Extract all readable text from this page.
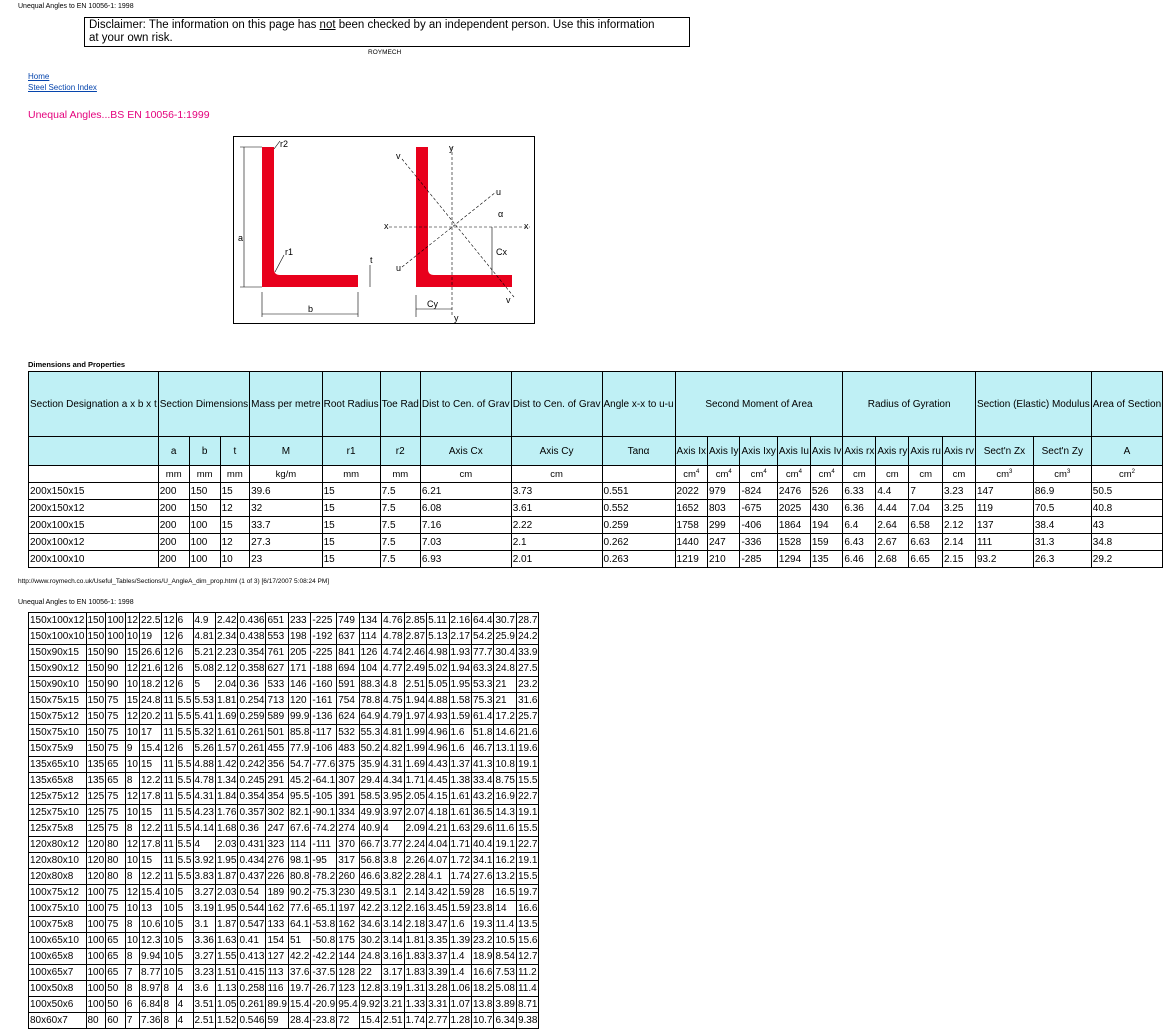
Unequal Angles to EN 10056-1: 1998
Disclaimer: The information on this page has not been checked by an independent person. Use this information
at your own risk.
ROYMECH
Home
Steel Section Index
Unequal Angles...BS EN 10056-1:1999
r2
a
r1
t
b
y
v
u
α
x	x
Cx
u
v
Cy
y
Dimensions and Properties
Section Designation a x b x t	Section Dimensions			Mass per metre	Root Radius	Toe Rad	Dist to Cen. of Grav	Dist to Cen. of Grav	Angle x-x to u-u	Second Moment of Area					Radius of Gyration				Section (Elastic) Modulus		Area of Section

	a	b	t	M	r1	r2	Axis Cx	Axis Cy	Tanα	Axis Ix	Axis Iy	Axis Ixy	Axis Iu	Axis Iv	Axis rx	Axis ry	Axis ru	Axis rv	Sect'n Zx	Sect'n Zy	A
	mm	mm	mm	kg/m	mm	mm	cm	cm		$cm^4$	$cm^4$	$cm^4$	$cm^4$	$cm^4$	cm	cm	cm	cm	$cm^3$	$cm^3$	$cm^2$
200x150x15	200	150	15	39.6	15	7.5	6.21	3.73	0.551	2022	979	-824	2476	526	6.33	4.4	7	3.23	147	86.9	50.5
200x150x12	200	150	12	32	15	7.5	6.08	3.61	0.552	1652	803	-675	2025	430	6.36	4.44	7.04	3.25	119	70.5	40.8
200x100x15	200	100	15	33.7	15	7.5	7.16	2.22	0.259	1758	299	-406	1864	194	6.4	2.64	6.58	2.12	137	38.4	43
200x100x12	200	100	12	27.3	15	7.5	7.03	2.1	0.262	1440	247	-336	1528	159	6.43	2.67	6.63	2.14	111	31.3	34.8
200x100x10	200	100	10	23	15	7.5	6.93	2.01	0.263	1219	210	-285	1294	135	6.46	2.68	6.65	2.15	93.2	26.3	29.2
http://www.roymech.co.uk/Useful_Tables/Sections/U_AngleA_dim_prop.html (1 of 3) [6/17/2007 5:08:24 PM]
Unequal Angles to EN 10056-1: 1998
150x100x12	150	100	12	22.5	12	6	4.9	2.42	0.436	651	233	-225	749	134	4.76	2.85	5.11	2.16	64.4	30.7	28.7
150x100x10	150	100	10	19	12	6	4.81	2.34	0.438	553	198	-192	637	114	4.78	2.87	5.13	2.17	54.2	25.9	24.2
150x90x15	150	90	15	26.6	12	6	5.21	2.23	0.354	761	205	-225	841	126	4.74	2.46	4.98	1.93	77.7	30.4	33.9
150x90x12	150	90	12	21.6	12	6	5.08	2.12	0.358	627	171	-188	694	104	4.77	2.49	5.02	1.94	63.3	24.8	27.5
150x90x10	150	90	10	18.2	12	6	5	2.04	0.36	533	146	-160	591	88.3	4.8	2.51	5.05	1.95	53.3	21	23.2
150x75x15	150	75	15	24.8	11	5.5	5.53	1.81	0.254	713	120	-161	754	78.8	4.75	1.94	4.88	1.58	75.3	21	31.6
150x75x12	150	75	12	20.2	11	5.5	5.41	1.69	0.259	589	99.9	-136	624	64.9	4.79	1.97	4.93	1.59	61.4	17.2	25.7
150x75x10	150	75	10	17	11	5.5	5.32	1.61	0.261	501	85.8	-117	532	55.3	4.81	1.99	4.96	1.6	51.8	14.6	21.6
150x75x9	150	75	9	15.4	12	6	5.26	1.57	0.261	455	77.9	-106	483	50.2	4.82	1.99	4.96	1.6	46.7	13.1	19.6
135x65x10	135	65	10	15	11	5.5	4.88	1.42	0.242	356	54.7	-77.6	375	35.9	4.31	1.69	4.43	1.37	41.3	10.8	19.1
135x65x8	135	65	8	12.2	11	5.5	4.78	1.34	0.245	291	45.2	-64.1	307	29.4	4.34	1.71	4.45	1.38	33.4	8.75	15.5
125x75x12	125	75	12	17.8	11	5.5	4.31	1.84	0.354	354	95.5	-105	391	58.5	3.95	2.05	4.15	1.61	43.2	16.9	22.7
125x75x10	125	75	10	15	11	5.5	4.23	1.76	0.357	302	82.1	-90.1	334	49.9	3.97	2.07	4.18	1.61	36.5	14.3	19.1
125x75x8	125	75	8	12.2	11	5.5	4.14	1.68	0.36	247	67.6	-74.2	274	40.9	4	2.09	4.21	1.63	29.6	11.6	15.5
120x80x12	120	80	12	17.8	11	5.5	4	2.03	0.431	323	114	-111	370	66.7	3.77	2.24	4.04	1.71	40.4	19.1	22.7
120x80x10	120	80	10	15	11	5.5	3.92	1.95	0.434	276	98.1	-95	317	56.8	3.8	2.26	4.07	1.72	34.1	16.2	19.1
120x80x8	120	80	8	12.2	11	5.5	3.83	1.87	0.437	226	80.8	-78.2	260	46.6	3.82	2.28	4.1	1.74	27.6	13.2	15.5
100x75x12	100	75	12	15.4	10	5	3.27	2.03	0.54	189	90.2	-75.3	230	49.5	3.1	2.14	3.42	1.59	28	16.5	19.7
100x75x10	100	75	10	13	10	5	3.19	1.95	0.544	162	77.6	-65.1	197	42.2	3.12	2.16	3.45	1.59	23.8	14	16.6
100x75x8	100	75	8	10.6	10	5	3.1	1.87	0.547	133	64.1	-53.8	162	34.6	3.14	2.18	3.47	1.6	19.3	11.4	13.5
100x65x10	100	65	10	12.3	10	5	3.36	1.63	0.41	154	51	-50.8	175	30.2	3.14	1.81	3.35	1.39	23.2	10.5	15.6
100x65x8	100	65	8	9.94	10	5	3.27	1.55	0.413	127	42.2	-42.2	144	24.8	3.16	1.83	3.37	1.4	18.9	8.54	12.7
100x65x7	100	65	7	8.77	10	5	3.23	1.51	0.415	113	37.6	-37.5	128	22	3.17	1.83	3.39	1.4	16.6	7.53	11.2
100x50x8	100	50	8	8.97	8	4	3.6	1.13	0.258	116	19.7	-26.7	123	12.8	3.19	1.31	3.28	1.06	18.2	5.08	11.4
100x50x6	100	50	6	6.84	8	4	3.51	1.05	0.261	89.9	15.4	-20.9	95.4	9.92	3.21	1.33	3.31	1.07	13.8	3.89	8.71
80x60x7	80	60	7	7.36	8	4	2.51	1.52	0.546	59	28.4	-23.8	72	15.4	2.51	1.74	2.77	1.28	10.7	6.34	9.38
